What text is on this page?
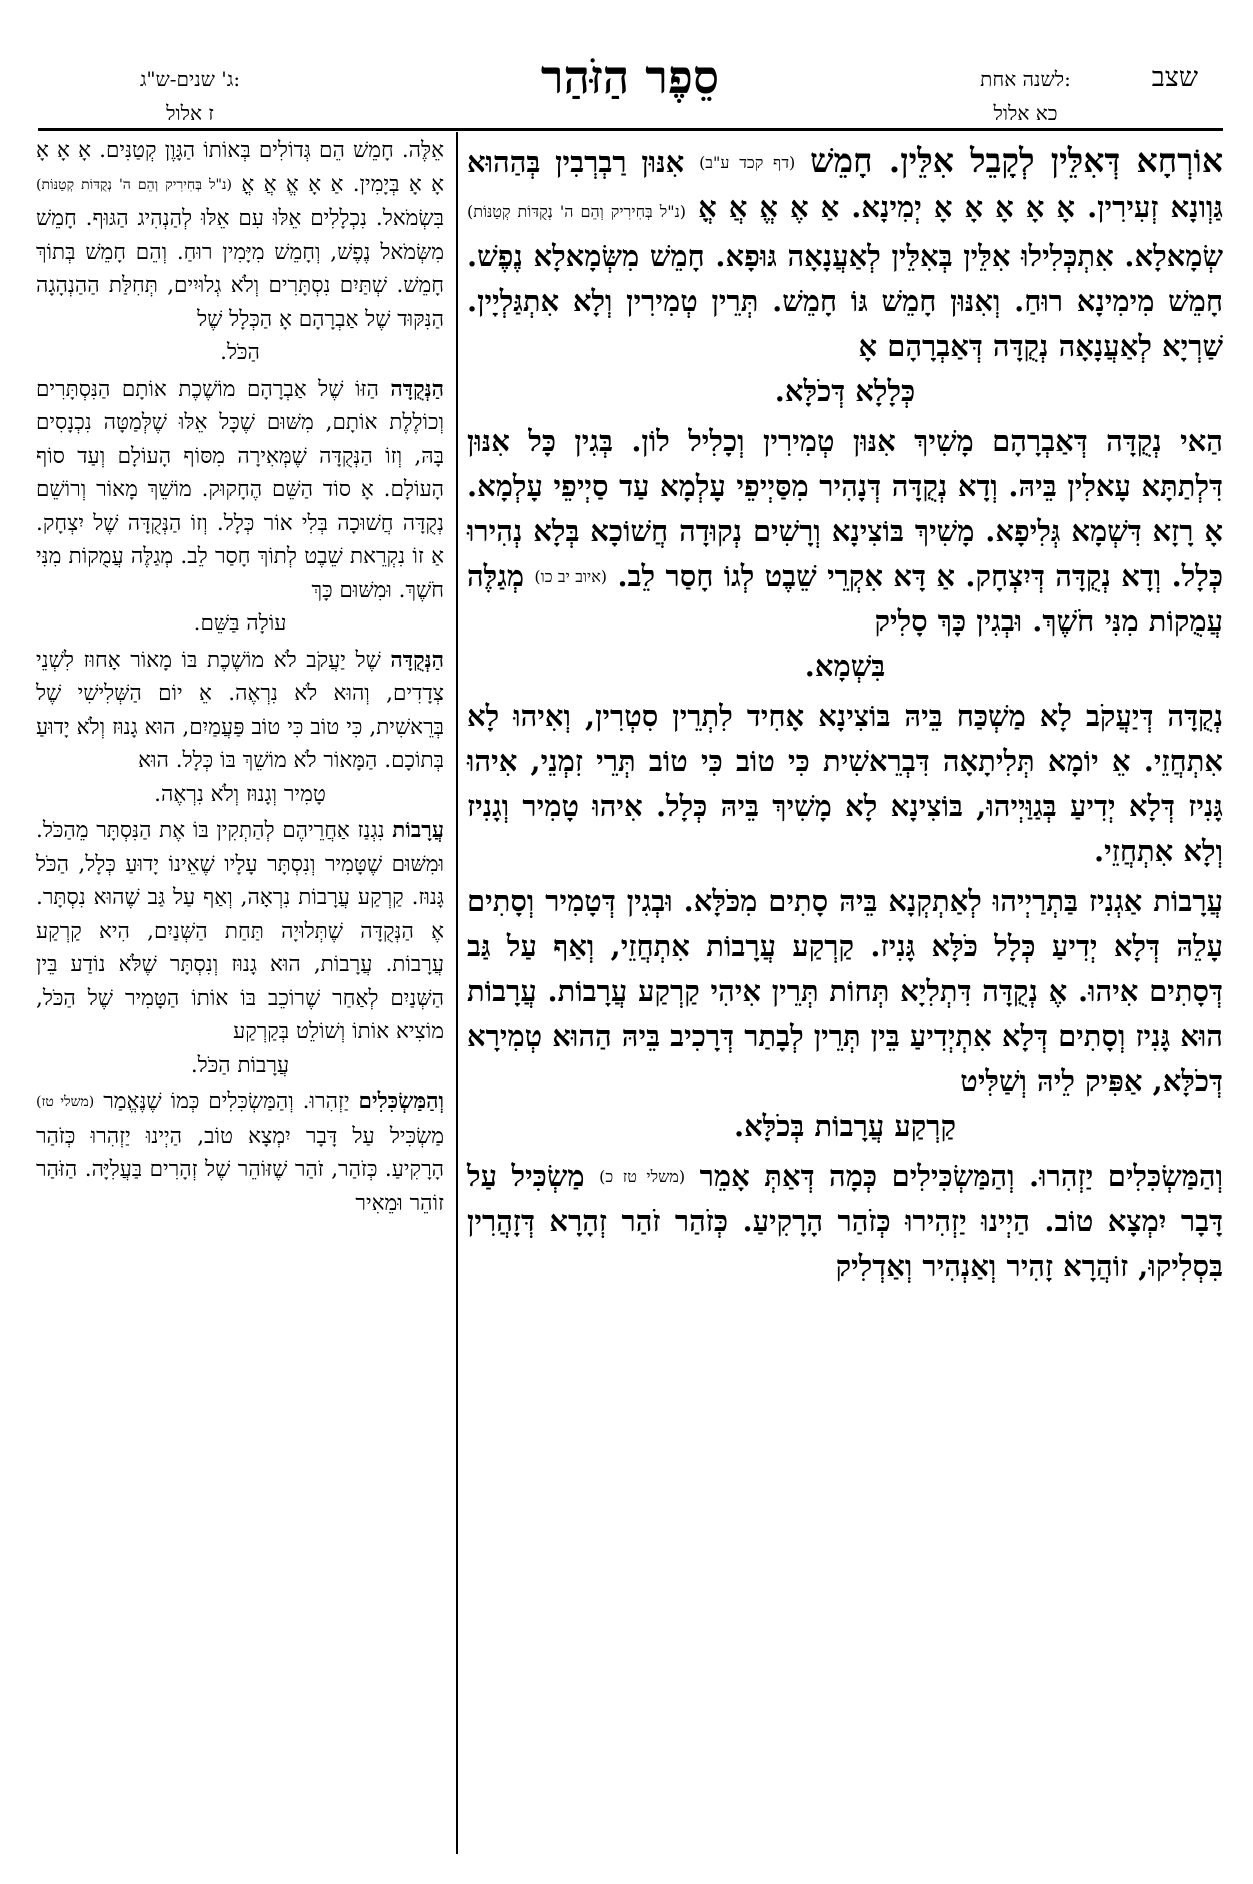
שצב
לשנה אחת:
כא אלול
סֵפֶר הַזֹּהַר
ג' שנים-ש"ג:
ז אלול

אוֹרְחָא דְּאִלֵּין לְקָבֵל אִלֵּין. חָמֵשׁ (דף קכד ע"ב) אִנּוּן רַבְרְבִין בְּהַהוּא גַּוְונָא זְעִירִין. אָ אָ אָ אָ אָ יְמִינָא. אַ אֶ אֱ אֲ אֳ (נ"ל בְּחִירִיק וְהֵם ה' נְקֻדּוֹת קְטַנּוֹת) שְׂמָאלָא. אִתְכְּלִילוּ אִלֵּין בְּאִלֵּין לְאַעֲנָאָה גּוּפָא. חָמֵשׁ מִשְּׂמָאלָא נֶפֶשׁ. חָמֵשׁ מִימִינָא רוּחַ. וְאִנּוּן חָמֵשׁ גּוֹ חָמֵשׁ. תְּרֵין טְמִירִין וְלָא אִתְגַּלְיָין. שַׁרְיָא לְאַעֲנָאָה נְקֻדָּה דְּאַבְרָהָם אָ
כְּלָלָא דְּכֹלָּא.

הַאי נְקֻדָּה דְּאַבְרָהָם מָשִׁיךְ אִנּוּן טְמִירִין וְכָלִיל לוֹן. בְּגִין כָּל אִנּוּן דִּלְתַתָּא עָאלִין בֵּיהּ. וְדָא נְקֻדָּה דְּנָהִיר מִסַּיְיפֵי עָלְמָא עַד סַיְיפֵי עָלְמָא. אָ רָזָא דִּשְׁמָא גְּלִיפָא. מָשִׁיךְ בּוֹצִינָא וְרָשִׁים נְקוּדָה חֲשׁוֹכָא בְּלָא נְהִירוּ כְּלָל. וְדָא נְקֻדָּה דְּיִצְחָק. אַ דָּא אִקְרֵי שֵׁבֶט לְגוֹ חָסַר לֵב. (איוב יב כו) מְגַלֶּה עֲמֻקוֹת מִנִּי חֹשֶׁךְ. וּבְגִין כָּךְ סָלִיק
בִּשְׁמָא.

נְקֻדָּה דְּיַעֲקֹב לָא מַשְׁכַּח בֵּיהּ בּוֹצִינָא אָחִיד לִתְרֵין סִטְרִין, וְאִיהוּ לָא אִתְחֲזֵי. אֵ יוֹמָא תְּלִיתָאָה דִּבְרֵאשִׁית כִּי טוֹב כִּי טוֹב תְּרֵי זִמְנֵי, אִיהוּ גָּנִיז דְּלָא יְדִיעַ בְּגַוַּיְיהוּ, בּוֹצִינָא לָא מָשִׁיךְ בֵּיהּ כְּלָל. אִיהוּ טָמִיר וְגָנִיז וְלָא אִתְחֲזֵי.

עֲרָבוֹת אַגְנִיז בַּתְרַיְיהוּ לְאַתְקְנָא בֵּיהּ סָתִים מִכֹּלָּא. וּבְגִין דְּטָמִיר וְסָתִים עָלֵהּ דְּלָא יְדִיעַ כְּלָל כֹּלָּא גָּנִיז. קַרְקַע עֲרָבוֹת אִתְחֲזֵי, וְאַף עַל גַּב דְּסָתִים אִיהוּ. אֶ נְקֻדָּה דִּתְלִיָא תְּחוֹת תְּרֵין אִיהִי קַרְקַע עֲרָבוֹת. עֲרָבוֹת הוּא גָּנִיז וְסָתִים דְּלָא אִתְיְדִיעַ בֵּין תְּרֵין לְבָתַר דְּרָכִיב בֵּיהּ הַהוּא טְמִירָא דְּכֹלָּא, אַפִּיק לֵיהּ וְשַׁלִּיט
קַרְקַע עֲרָבוֹת בְּכֹלָּא.

וְהַמַּשְׂכִּלִים יַזְהִרוּ. וְהַמַּשְׂכִּילִים כְּמָה דְּאַתְּ אָמֵר (משלי טז כ) מַשְׂכִּיל עַל דָּבָר יִמְצָא טוֹב. הַיְינוּ יַזְהִירוּ כְּזֹהַר הָרָקִיעַ. כְּזֹהַר זֹהַר זְהָרָא דְּזָהֲרִין בִּסְלִיקוּ, זוֹהֲרָא זָהִיר וְאַנְהִיר וְאַדְלִיק

אֵלֶּה. חָמֵשׁ הֵם גְּדוֹלִים בְּאוֹתוֹ הַגָּוֶן קְטַנִּים. אָ אָ אָ אָ אָ בְּיָמִין. אַ אָ אֱ אֲ אֳ (נ"ל בְּחִירִיק וְהֵם ה' נְקֻדּוֹת קְטַנּוֹת) בִּשְׂמֹאל. נִכְלָלִים אֵלּוּ עִם אֵלּוּ לְהַנְהִיג הַגּוּף. חָמֵשׁ מִשְּׂמֹאל נֶפֶשׁ, וְחָמֵשׁ מִיָּמִין רוּחַ. וְהֵם חָמֵשׁ בְּתוֹךְ חָמֵשׁ. שְׁתַּיִם נִסְתָּרִים וְלֹא גְלוּיִים, תְּחִלַּת הַהַנְהָגָה הַנִּקּוּד שֶׁל אַבְרָהָם אָ הַכְּלָל שֶׁל
הַכֹּל.

הַנְּקֻדָּה הַזּוֹ שֶׁל אַבְרָהָם מוֹשֶׁכֶת אוֹתָם הַנִּסְתָּרִים וְכוֹלֶלֶת אוֹתָם, מִשּׁוּם שֶׁכָּל אֵלּוּ שֶׁלְּמַטָּה נִכְנָסִים בָּהּ, וְזוֹ הַנְּקֻדָּה שֶׁמְּאִירָה מִסּוֹף הָעוֹלָם וְעַד סוֹף הָעוֹלָם. אָ סוֹד הַשֵּׁם הֶחָקוּק. מוֹשֵׁךְ מָאוֹר וְרוֹשֵׁם נְקֻדָּה חֲשׁוּכָה בְּלִי אוֹר כְּלָל. וְזוֹ הַנְּקֻדָּה שֶׁל יִצְחָק. אַ זוֹ נִקְרֵאת שֵׁבֶט לְתוֹךְ חָסַר לֵב. מְגַלֶּה עֲמֻקוֹת מִנִּי חֹשֶׁךְ. וּמִשּׁוּם כָּךְ
עוֹלָה בַּשֵּׁם.

הַנְּקֻדָּה שֶׁל יַעֲקֹב לֹא מוֹשֶׁכֶת בּוֹ מָאוֹר אָחוּז לִשְׁנֵי צְדָדִים, וְהוּא לֹא נִרְאֶה. אֵ יוֹם הַשְּׁלִישִׁי שֶׁל בְּרֵאשִׁית, כִּי טוֹב כִּי טוֹב פַּעֲמַיִם, הוּא גָנוּז וְלֹא יָדוּעַ בְּתוֹכָם. הַמָּאוֹר לֹא מוֹשֵׁךְ בּוֹ כְּלָל. הוּא
טָמִיר וְגָנוּז וְלֹא נִרְאֶה.

עֲרָבוֹת נִגְנַז אַחֲרֵיהֶם לְהַתְקִין בּוֹ אֶת הַנִּסְתָּר מֵהַכֹּל. וּמִשּׁוּם שֶׁטָּמִיר וְנִסְתָּר עָלָיו שֶׁאֵינוֹ יָדוּעַ כְּלָל, הַכֹּל גָּנוּז. קַרְקַע עֲרָבוֹת נִרְאָה, וְאַף עַל גַּב שֶׁהוּא נִסְתָּר. אֶ הַנְּקֻדָּה שֶׁתְּלוּיָה תַּחַת הַשְּׁנַיִם, הִיא קַרְקַע עֲרָבוֹת. עֲרָבוֹת, הוּא גָנוּז וְנִסְתָּר שֶׁלֹּא נוֹדַע בֵּין הַשְּׁנַיִם לְאַחַר שֶׁרוֹכֵב בּוֹ אוֹתוֹ הַטָּמִיר שֶׁל הַכֹּל, מוֹצִיא אוֹתוֹ וְשׁוֹלֵט בְּקַרְקַע
עֲרָבוֹת הַכֹּל.

וְהַמַּשְׂכִּלִים יַזְהִרוּ. וְהַמַּשְׂכִּלִים כְּמוֹ שֶׁנֶּאֱמַר (משלי טז) מַשְׂכִּיל עַל דָּבָר יִמְצָא טוֹב, הַיְינוּ יַזְהִרוּ כְּזֹהַר הָרָקִיעַ. כְּזֹהַר, זֹהַר שֶׁזּוֹהֵר שֶׁל זְהָרִים בַּעֲלִיָּה. הַזֹּהַר זוֹהֵר וּמֵאִיר
